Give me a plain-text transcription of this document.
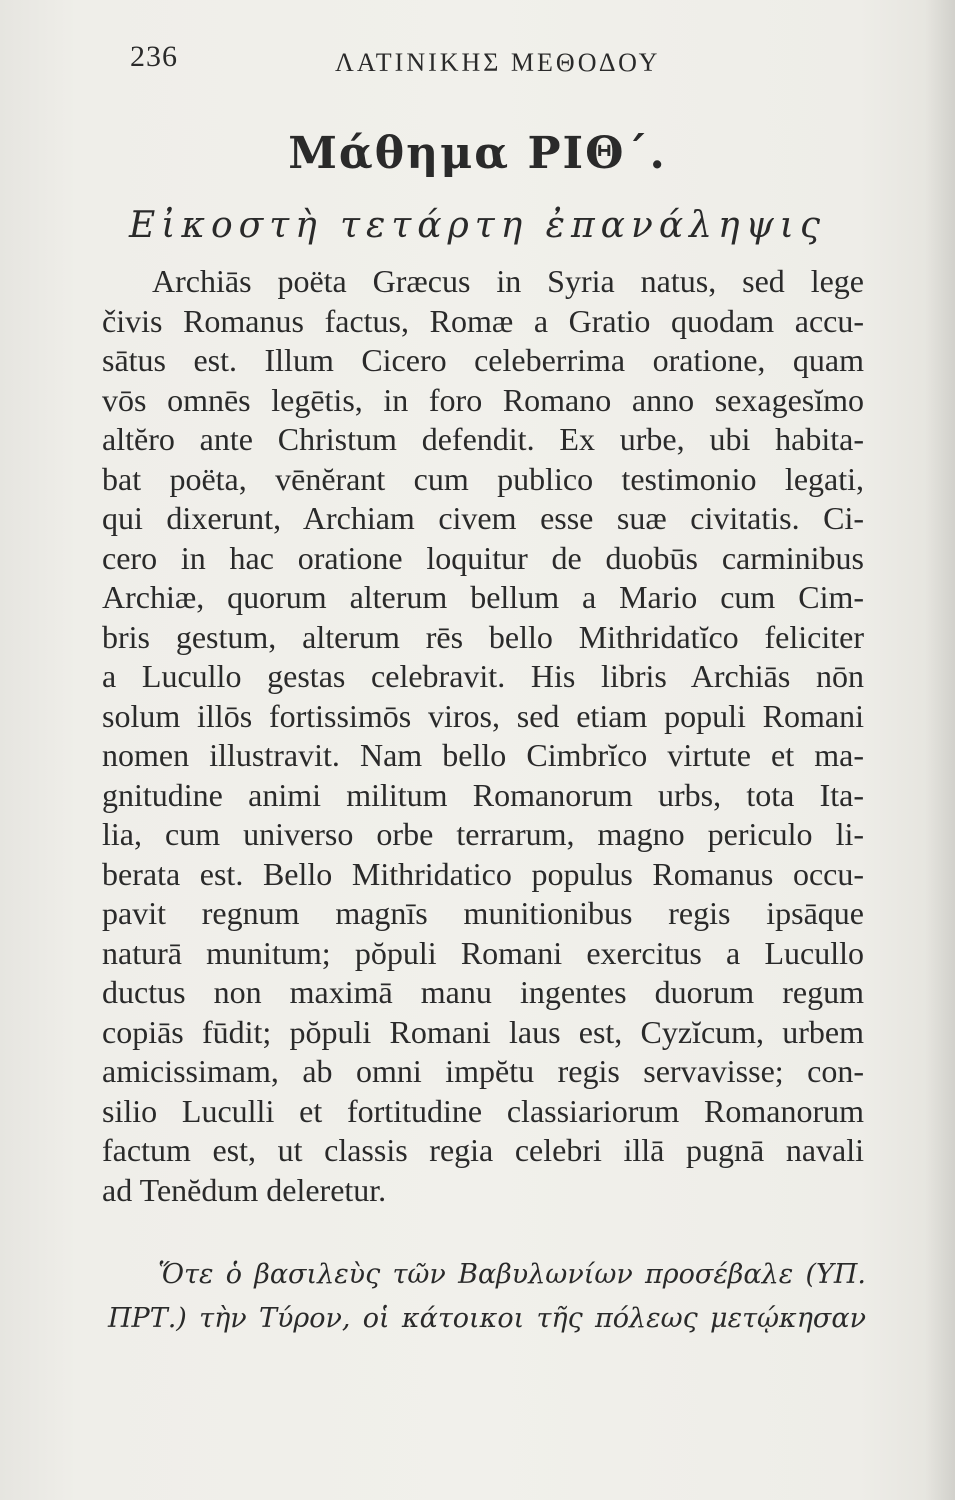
236	ΛΑΤΙΝΙΚΗΣ ΜΕΘΟΔΟΥ
Μάθημα ΡΙΘ΄.
Εἰκοστὴ τετάρτη ἐπανάληψις
Archiās poëta Græcus in Syria natus, sed lege
čivis Romanus factus, Romæ a Gratio quodam accu-
sātus est. Illum Cicero celeberrima oratione, quam
vōs omnēs legētis, in foro Romano anno sexagesĭmo
altĕro ante Christum defendit. Ex urbe, ubi habita-
bat poëta, vēnĕrant cum publico testimonio legati,
qui dixerunt, Archiam civem esse suæ civitatis. Ci-
cero in hac oratione loquitur de duobūs carminibus
Archiæ, quorum alterum bellum a Mario cum Cim-
bris gestum, alterum rēs bello Mithridatĭco feliciter
a Lucullo gestas celebravit. His libris Archiās nōn
solum illōs fortissimōs viros, sed etiam populi Romani
nomen illustravit. Nam bello Cimbrĭco virtute et ma-
gnitudine animi militum Romanorum urbs, tota Ita-
lia, cum universo orbe terrarum, magno periculo li-
berata est. Bello Mithridatico populus Romanus occu-
pavit regnum magnīs munitionibus regis ipsāque
naturā munitum; pŏpuli Romani exercitus a Lucullo
ductus non maximā manu ingentes duorum regum
copiās fūdit; pŏpuli Romani laus est, Cyzĭcum, urbem
amicissimam, ab omni impĕtu regis servavisse; con-
silio Luculli et fortitudine classiariorum Romanorum
factum est, ut classis regia celebri illā pugnā navali
ad Tenĕdum deleretur.
Ὅτε ὁ βασιλεὺς τῶν Βαβυλωνίων προσέβαλε (ΥΠ.
ΠΡΤ.) τὴν Τύρον, οἱ κάτοικοι τῆς πόλεως μετῴκησαν
